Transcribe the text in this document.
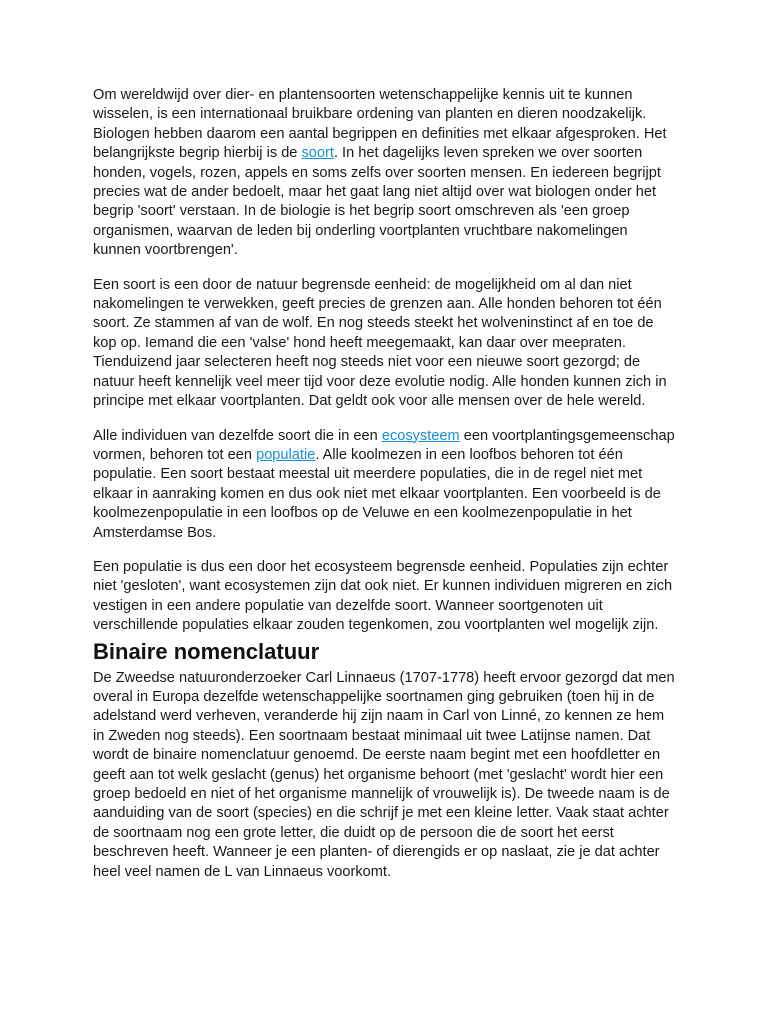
Om wereldwijd over dier- en plantensoorten wetenschappelijke kennis uit te kunnen wisselen, is een internationaal bruikbare ordening van planten en dieren noodzakelijk. Biologen hebben daarom een aantal begrippen en definities met elkaar afgesproken. Het belangrijkste begrip hierbij is de soort. In het dagelijks leven spreken we over soorten honden, vogels, rozen, appels en soms zelfs over soorten mensen. En iedereen begrijpt precies wat de ander bedoelt, maar het gaat lang niet altijd over wat biologen onder het begrip 'soort' verstaan. In de biologie is het begrip soort omschreven als 'een groep organismen, waarvan de leden bij onderling voortplanten vruchtbare nakomelingen kunnen voortbrengen'.

Een soort is een door de natuur begrensde eenheid: de mogelijkheid om al dan niet nakomelingen te verwekken, geeft precies de grenzen aan. Alle honden behoren tot één soort. Ze stammen af van de wolf. En nog steeds steekt het wolveninstinct af en toe de kop op. Iemand die een 'valse' hond heeft meegemaakt, kan daar over meepraten. Tienduizend jaar selecteren heeft nog steeds niet voor een nieuwe soort gezorgd; de natuur heeft kennelijk veel meer tijd voor deze evolutie nodig. Alle honden kunnen zich in principe met elkaar voortplanten. Dat geldt ook voor alle mensen over de hele wereld.

Alle individuen van dezelfde soort die in een ecosysteem een voortplantingsgemeenschap vormen, behoren tot een populatie. Alle koolmezen in een loofbos behoren tot één populatie. Een soort bestaat meestal uit meerdere populaties, die in de regel niet met elkaar in aanraking komen en dus ook niet met elkaar voortplanten. Een voorbeeld is de koolmezenpopulatie in een loofbos op de Veluwe en een koolmezenpopulatie in het Amsterdamse Bos.

Een populatie is dus een door het ecosysteem begrensde eenheid. Populaties zijn echter niet 'gesloten', want ecosystemen zijn dat ook niet. Er kunnen individuen migreren en zich vestigen in een andere populatie van dezelfde soort. Wanneer soortgenoten uit verschillende populaties elkaar zouden tegenkomen, zou voortplanten wel mogelijk zijn.

Binaire nomenclatuur

De Zweedse natuuronderzoeker Carl Linnaeus (1707-1778) heeft ervoor gezorgd dat men overal in Europa dezelfde wetenschappelijke soortnamen ging gebruiken (toen hij in de adelstand werd verheven, veranderde hij zijn naam in Carl von Linné, zo kennen ze hem in Zweden nog steeds). Een soortnaam bestaat minimaal uit twee Latijnse namen. Dat wordt de binaire nomenclatuur genoemd. De eerste naam begint met een hoofdletter en geeft aan tot welk geslacht (genus) het organisme behoort (met 'geslacht' wordt hier een groep bedoeld en niet of het organisme mannelijk of vrouwelijk is). De tweede naam is de aanduiding van de soort (species) en die schrijf je met een kleine letter. Vaak staat achter de soortnaam nog een grote letter, die duidt op de persoon die de soort het eerst beschreven heeft. Wanneer je een planten- of dierengids er op naslaat, zie je dat achter heel veel namen de L van Linnaeus voorkomt.
